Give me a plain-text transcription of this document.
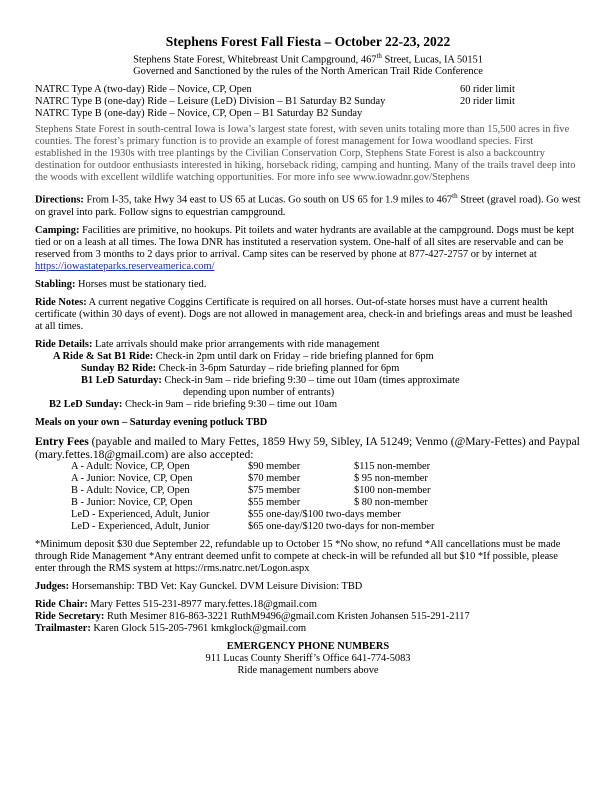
Stephens Forest Fall Fiesta – October 22-23, 2022
Stephens State Forest, Whitebreast Unit Campground, 467th Street, Lucas, IA 50151
Governed and Sanctioned by the rules of the North American Trail Ride Conference
NATRC Type A (two-day) Ride – Novice, CP, Open	60 rider limit
NATRC Type B (one-day) Ride – Leisure (LeD) Division – B1 Saturday B2 Sunday	20 rider limit
NATRC Type B (one-day) Ride – Novice, CP, Open – B1 Saturday B2 Sunday

Stephens State Forest in south-central Iowa is Iowa’s largest state forest, with seven units totaling more than 15,500 acres in five counties. The forest’s primary function is to provide an example of forest management for Iowa woodland species. First established in the 1930s with tree plantings by the Civilian Conservation Corp, Stephens State Forest is also a backcountry destination for outdoor enthusiasts interested in hiking, horseback riding, camping and hunting. Many of the trails travel deep into the woods with excellent wildlife watching opportunities. For more info see www.iowadnr.gov/Stephens

Directions: From I-35, take Hwy 34 east to US 65 at Lucas. Go south on US 65 for 1.9 miles to 467th Street (gravel road). Go west on gravel into park. Follow signs to equestrian campground.

Camping: Facilities are primitive, no hookups. Pit toilets and water hydrants are available at the campground. Dogs must be kept tied or on a leash at all times. The Iowa DNR has instituted a reservation system. One-half of all sites are reservable and can be reserved from 3 months to 2 days prior to arrival. Camp sites can be reserved by phone at 877-427-2757 or by internet at https://iowastateparks.reserveamerica.com/

Stabling: Horses must be stationary tied.

Ride Notes: A current negative Coggins Certificate is required on all horses. Out-of-state horses must have a current health certificate (within 30 days of event). Dogs are not allowed in management area, check-in and briefings areas and must be leashed at all times.

Ride Details: Late arrivals should make prior arrangements with ride management

A Ride & Sat B1 Ride: Check-in 2pm until dark on Friday – ride briefing planned for 6pm

Sunday B2 Ride: Check-in 3-6pm Saturday – ride briefing planned for 6pm

B1 LeD Saturday: Check-in 9am – ride briefing 9:30 – time out 10am (times approximate

depending upon number of entrants)

B2 LeD Sunday: Check-in 9am – ride briefing 9:30 – time out 10am

Meals on your own – Saturday evening potluck TBD

Entry Fees (payable and mailed to Mary Fettes, 1859 Hwy 59, Sibley, IA 51249; Venmo (@Mary-Fettes) and Paypal (mary.fettes.18@gmail.com) are also accepted:

A - Adult: Novice, CP, Open	$90 member	$115 non-member
A - Junior: Novice, CP, Open	$70 member	$ 95 non-member
B - Adult: Novice, CP, Open	$75 member	$100 non-member
B - Junior: Novice, CP, Open	$55 member	$ 80 non-member
LeD - Experienced, Adult, Junior	$55 one-day/$100 two-days member
LeD - Experienced, Adult, Junior	$65 one-day/$120 two-days for non-member

*Minimum deposit $30 due September 22, refundable up to October 15 *No show, no refund *All cancellations must be made through Ride Management *Any entrant deemed unfit to compete at check-in will be refunded all but $10 *If possible, please enter through the RMS system at https://rms.natrc.net/Logon.aspx

Judges: Horsemanship: TBD Vet: Kay Gunckel. DVM Leisure Division: TBD

Ride Chair: Mary Fettes 515-231-8977 mary.fettes.18@gmail.com

Ride Secretary: Ruth Mesimer 816-863-3221 RuthM9496@gmail.com Kristen Johansen 515-291-2117

Trailmaster: Karen Glock 515-205-7961 kmkglock@gmail.com

EMERGENCY PHONE NUMBERS

911 Lucas County Sheriff’s Office 641-774-5083

Ride management numbers above
